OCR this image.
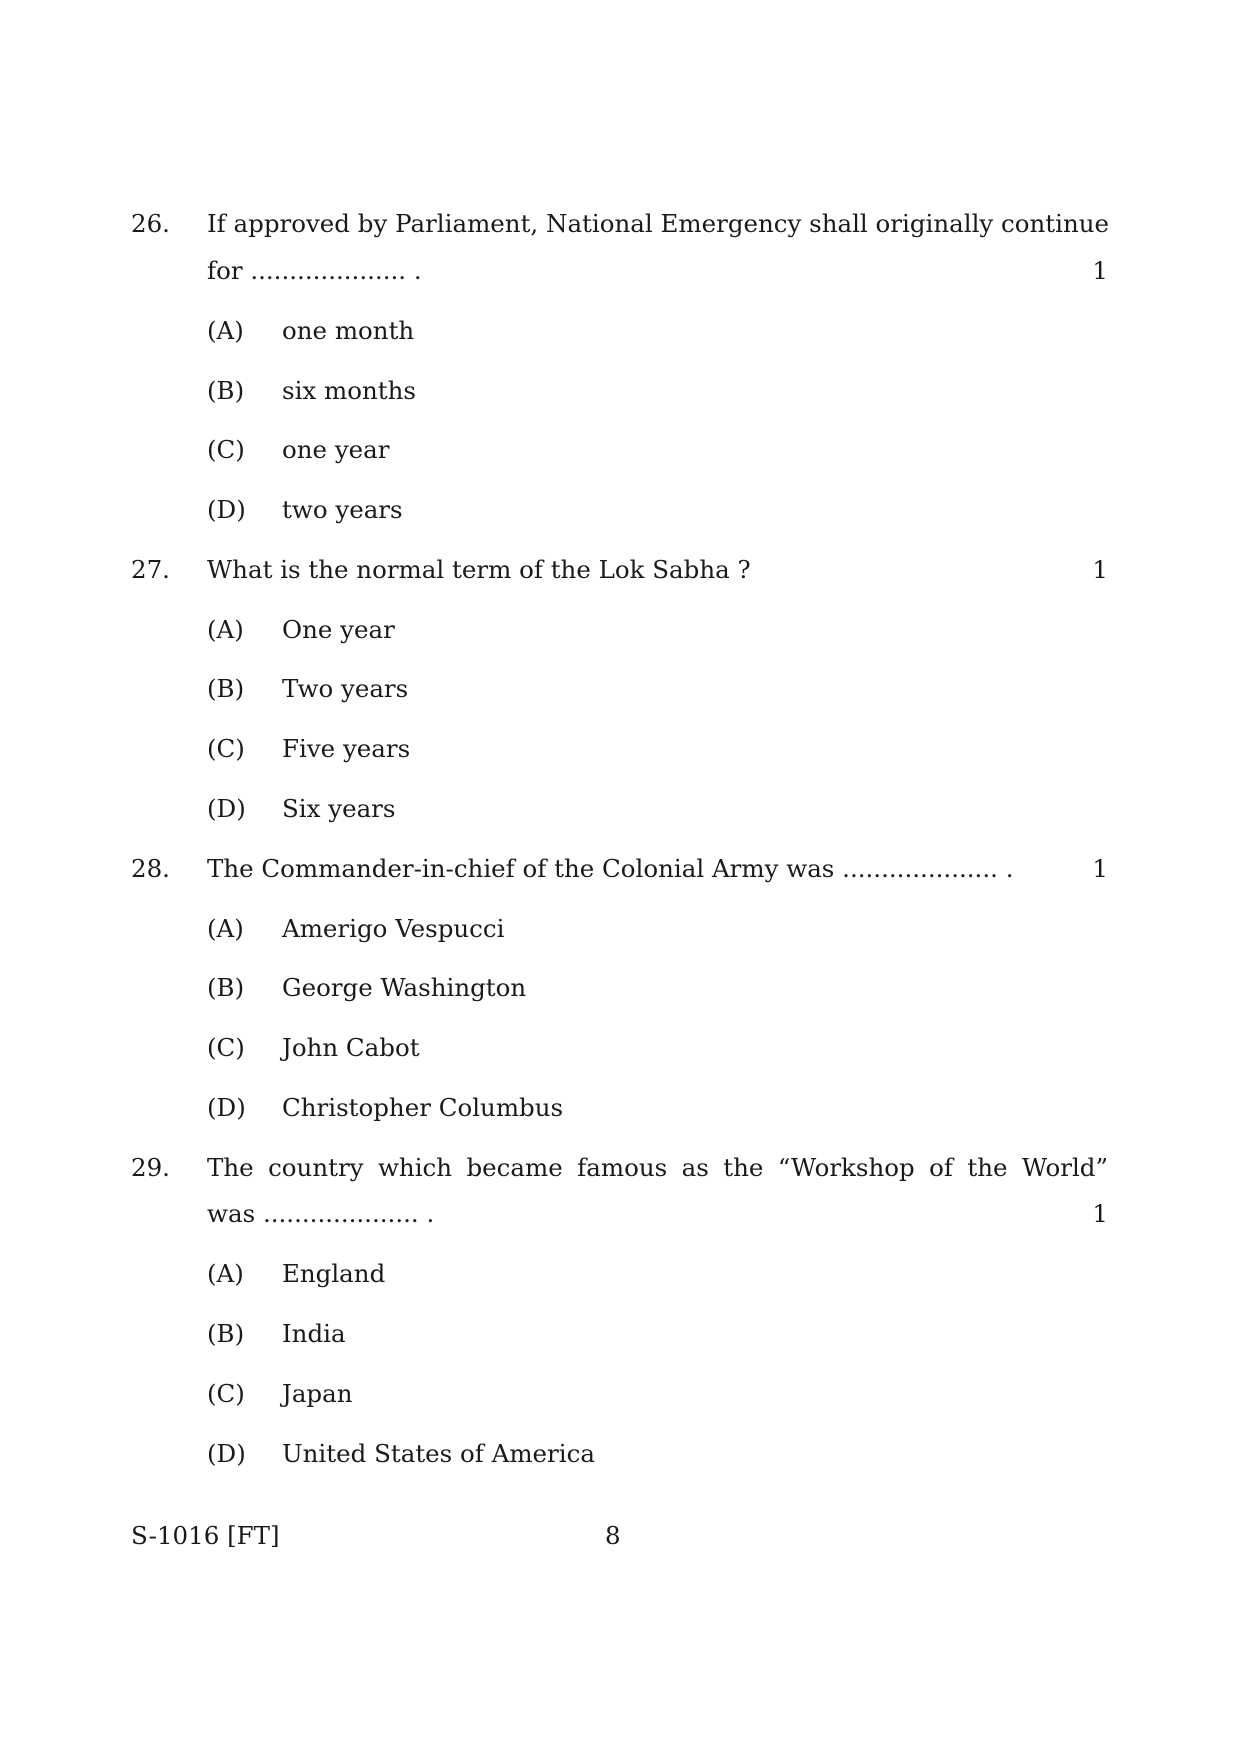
26. If approved by Parliament, National Emergency shall originally continue
for .................... .	1
(A) one month
(B) six months
(C) one year
(D) two years
27. What is the normal term of the Lok Sabha ?	1
(A) One year
(B) Two years
(C) Five years
(D) Six years
28. The Commander-in-chief of the Colonial Army was .................... .	1
(A) Amerigo Vespucci
(B) George Washington
(C) John Cabot
(D) Christopher Columbus
29. The country which became famous as the “Workshop of the World”
was .................... .	1
(A) England
(B) India
(C) Japan
(D) United States of America
S-1016 [FT]	8
